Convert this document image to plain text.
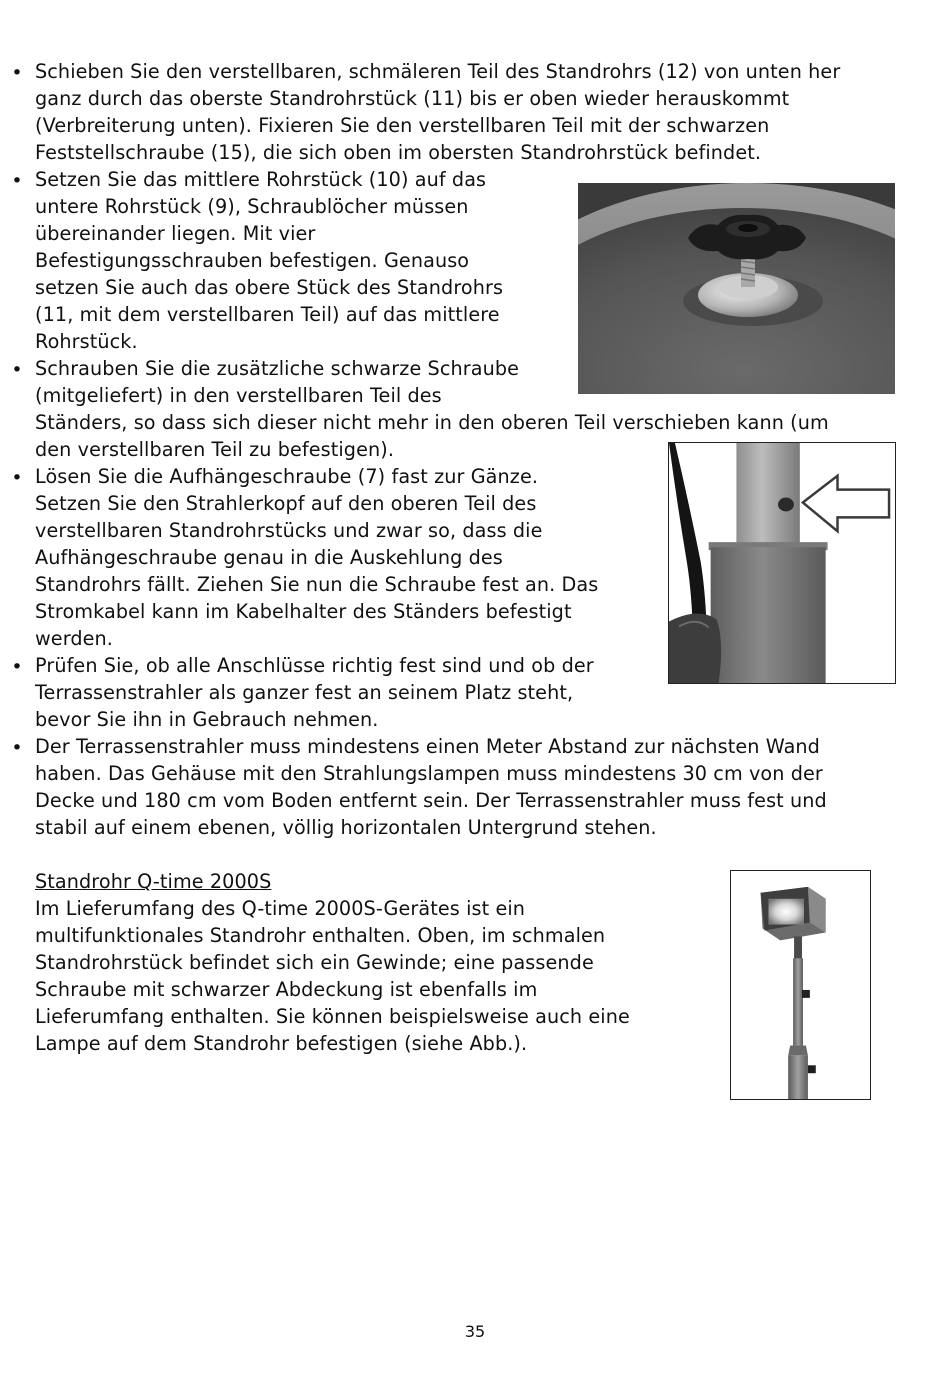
• Schieben Sie den verstellbaren, schmäleren Teil des Standrohrs (12) von unten her

ganz durch das oberste Standrohrstück (11) bis er oben wieder herauskommt

(Verbreiterung unten). Fixieren Sie den verstellbaren Teil mit der schwarzen

Feststellschraube (15), die sich oben im obersten Standrohrstück befindet.

• Setzen Sie das mittlere Rohrstück (10) auf das

untere Rohrstück (9), Schraublöcher müssen

übereinander liegen. Mit vier

Befestigungsschrauben befestigen. Genauso

setzen Sie auch das obere Stück des Standrohrs

(11, mit dem verstellbaren Teil) auf das mittlere

Rohrstück.

• Schrauben Sie die zusätzliche schwarze Schraube

(mitgeliefert) in den verstellbaren Teil des

Ständers, so dass sich dieser nicht mehr in den oberen Teil verschieben kann (um

den verstellbaren Teil zu befestigen).

• Lösen Sie die Aufhängeschraube (7) fast zur Gänze.

Setzen Sie den Strahlerkopf auf den oberen Teil des

verstellbaren Standrohrstücks und zwar so, dass die

Aufhängeschraube genau in die Auskehlung des

Standrohrs fällt. Ziehen Sie nun die Schraube fest an. Das

Stromkabel kann im Kabelhalter des Ständers befestigt

werden.

• Prüfen Sie, ob alle Anschlüsse richtig fest sind und ob der

Terrassenstrahler als ganzer fest an seinem Platz steht,

bevor Sie ihn in Gebrauch nehmen.

• Der Terrassenstrahler muss mindestens einen Meter Abstand zur nächsten Wand

haben. Das Gehäuse mit den Strahlungslampen muss mindestens 30 cm von der

Decke und 180 cm vom Boden entfernt sein. Der Terrassenstrahler muss fest und

stabil auf einem ebenen, völlig horizontalen Untergrund stehen.

Standrohr Q-time 2000S

Im Lieferumfang des Q-time 2000S-Gerätes ist ein

multifunktionales Standrohr enthalten. Oben, im schmalen

Standrohrstück befindet sich ein Gewinde; eine passende

Schraube mit schwarzer Abdeckung ist ebenfalls im

Lieferumfang enthalten. Sie können beispielsweise auch eine

Lampe auf dem Standrohr befestigen (siehe Abb.).

35
